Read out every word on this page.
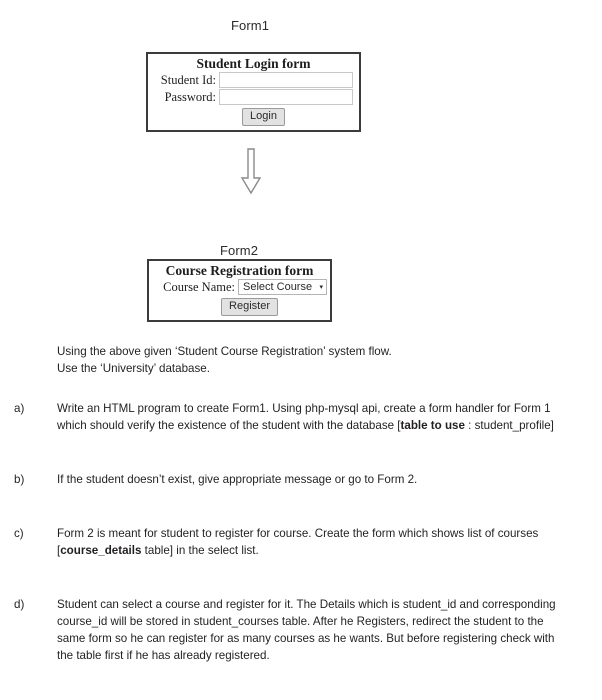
Form1
Student Login form
Student Id:
Password:
Login
Form2
Course Registration form
Course Name: Select Course ▾
Register
Using the above given ‘Student Course Registration’ system flow.
Use the ‘University’ database.
a)	Write an HTML program to create Form1. Using php-mysql api, create a form handler for Form 1 which should verify the existence of the student with the database [table to use : student_profile]
b)	If the student doesn’t exist, give appropriate message or go to Form 2.
c)	Form 2 is meant for student to register for course. Create the form which shows list of courses [course_details table] in the select list.
d)	Student can select a course and register for it. The Details which is student_id and corresponding course_id will be stored in student_courses table. After he Registers, redirect the student to the same form so he can register for as many courses as he wants. But before registering check with the table first if he has already registered.
